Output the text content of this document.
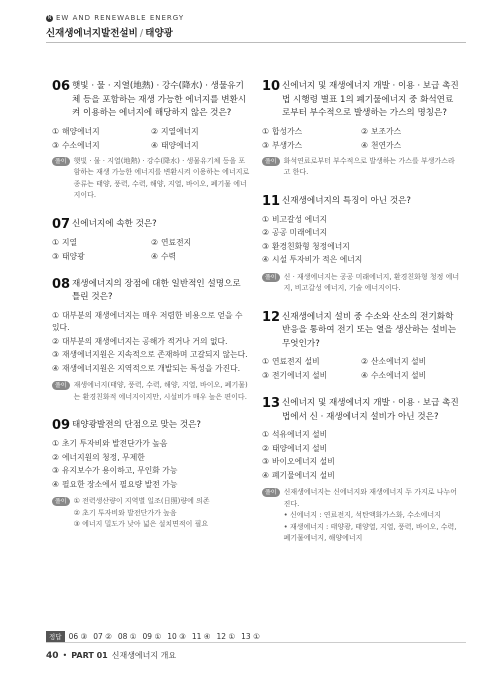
N EW AND RENEWABLE ENERGY
신재생에너지발전설비 / 태양광
06 햇빛 · 물 · 지열(地熱) · 강수(降水) · 생물유기체 등을 포함하는 재생 가능한 에너지를 변환시켜 이용하는 에너지에 해당하지 않은 것은?
① 해양에너지	② 지열에너지
③ 수소에너지	④ 태양에너지
풀이	햇빛 · 물 · 지열(地熱) · 강수(降水) · 생물유기체 등을 포함하는 재생 가능한 에너지를 변환시켜 이용하는 에너지로 종류는 태양, 풍력, 수력, 해양, 지열, 바이오, 폐기물 에너지이다.
07 신에너지에 속한 것은?
① 지열	② 연료전지
③ 태양광	④ 수력
08 재생에너지의 장점에 대한 일반적인 설명으로 틀린 것은?
① 대부분의 재생에너지는 매우 저렴한 비용으로 얻을 수 있다.
② 대부분의 재생에너지는 공해가 적거나 거의 없다.
③ 재생에너지원은 지속적으로 존재하며 고갈되지 않는다.
④ 재생에너지원은 지역적으로 개발되는 특성을 가진다.
풀이	재생에너지(태양, 풍력, 수력, 해양, 지열, 바이오, 폐기물)는 환경친화적 에너지이지만, 시설비가 매우 높은 편이다.
09 태양광발전의 단점으로 맞는 것은?
① 초기 투자비와 발전단가가 높음
② 에너지원의 청정, 무제한
③ 유지보수가 용이하고, 무인화 가능
④ 필요한 장소에서 필요량 발전 가능
풀이	① 전력생산량이 지역별 일조(日照)량에 의존
② 초기 투자비와 발전단가가 높음
③ 에너지 밀도가 낮아 넓은 설치면적이 필요
10 신에너지 및 재생에너지 개발 · 이용 · 보급 촉진법 시행령 별표 1의 폐기물에너지 중 화석연료로부터 부수적으로 발생하는 가스의 명칭은?
① 합성가스	② 보조가스
③ 부생가스	④ 천연가스
풀이	화석연료로부터 부수적으로 발생하는 가스를 부생가스라고 한다.
11 신재생에너지의 특징이 아닌 것은?
① 비고갈성 에너지
② 공공 미래에너지
③ 환경친화형 청정에너지
④ 시설 투자비가 적은 에너지
풀이	신 · 재생에너지는 공공 미래에너지, 환경친화형 청정 에너지, 비고갈성 에너지, 기술 에너지이다.
12 신재생에너지 설비 중 수소와 산소의 전기화학 반응을 통하여 전기 또는 열을 생산하는 설비는 무엇인가?
① 연료전지 설비	② 산소에너지 설비
③ 전기에너지 설비	④ 수소에너지 설비
13 신에너지 및 재생에너지 개발 · 이용 · 보급 촉진법에서 신 · 재생에너지 설비가 아닌 것은?
① 석유에너지 설비
② 태양에너지 설비
③ 바이오에너지 설비
④ 폐기물에너지 설비
풀이	신재생에너지는 신에너지와 재생에너지 두 가지로 나누어진다.
• 신에너지 : 연료전지, 석탄액화가스화, 수소에너지
• 재생에너지 : 태양광, 태양열, 지열, 풍력, 바이오, 수력, 폐기물에너지, 해양에너지
정답 06 ③ 07 ② 08 ① 09 ① 10 ③ 11 ④ 12 ① 13 ①
40 • PART 01 신재생에너지 개요
